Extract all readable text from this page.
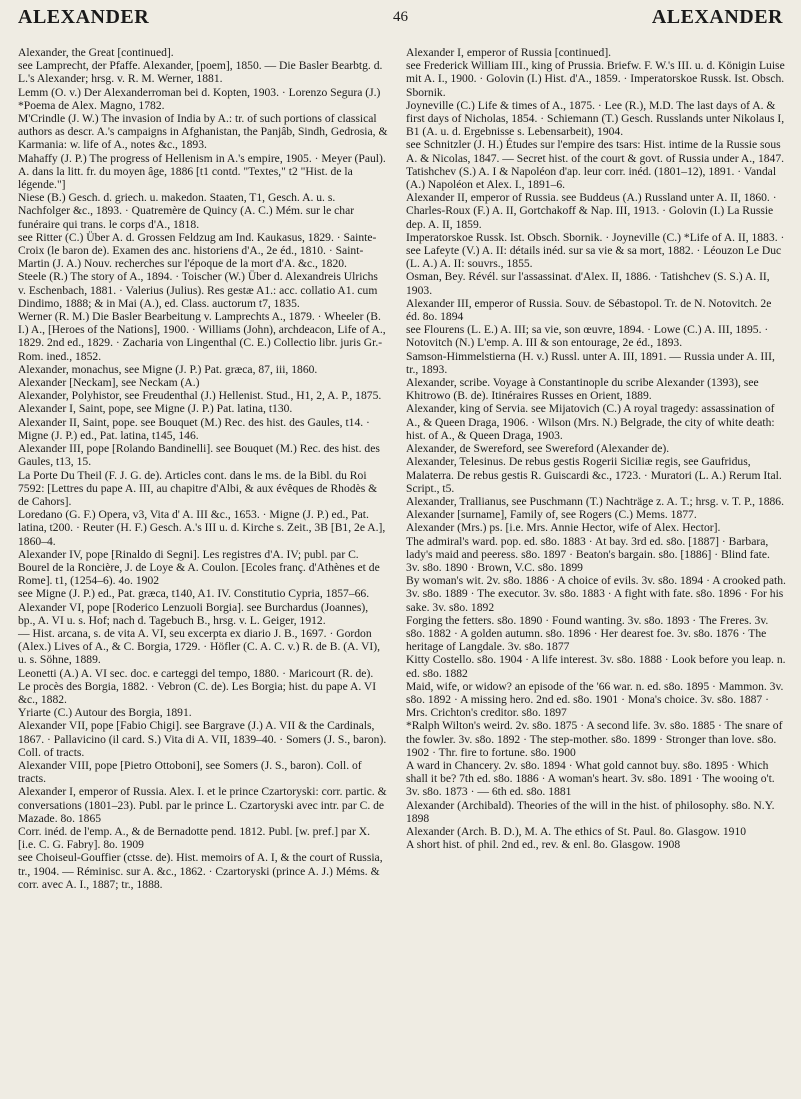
ALEXANDER	46	ALEXANDER

Alexander, the Great [continued].

see Lamprecht, der Pfaffe. Alexander, [poem], 1850. — Die Basler Bearbtg. d. L.'s Alexander; hrsg. v. R. M. Werner, 1881.

Lemm (O. v.) Der Alexanderroman bei d. Kopten, 1903. · Lorenzo Segura (J.) *Poema de Alex. Magno, 1782.

M'Crindle (J. W.) The invasion of India by A.: tr. of such portions of classical authors as descr. A.'s campaigns in Afghanistan, the Panjâb, Sindh, Gedrosia, & Karmania: w. life of A., notes &c., 1893.

Mahaffy (J. P.) The progress of Hellenism in A.'s empire, 1905. · Meyer (Paul). A. dans la litt. fr. du moyen âge, 1886 [t1 contd. "Textes," t2 "Hist. de la légende."]

Niese (B.) Gesch. d. griech. u. makedon. Staaten, T1, Gesch. A. u. s. Nachfolger &c., 1893. · Quatremère de Quincy (A. C.) Mém. sur le char funéraire qui trans. le corps d'A., 1818.

see Ritter (C.) Über A. d. Grossen Feldzug am Ind. Kaukasus, 1829. · Sainte-Croix (le baron de). Examen des anc. historiens d'A., 2e éd., 1810. · Saint-Martin (J. A.) Nouv. recherches sur l'époque de la mort d'A. &c., 1820.

Steele (R.) The story of A., 1894. · Toischer (W.) Über d. Alexandreis Ulrichs v. Eschenbach, 1881. · Valerius (Julius). Res gestæ A1.: acc. collatio A1. cum Dindimo, 1888; & in Mai (A.), ed. Class. auctorum t7, 1835.

Werner (R. M.) Die Basler Bearbeitung v. Lamprechts A., 1879. · Wheeler (B. I.) A., [Heroes of the Nations], 1900. · Williams (John), archdeacon, Life of A., 1829. 2nd ed., 1829. · Zacharia von Lingenthal (C. E.) Collectio libr. juris Gr.-Rom. ined., 1852.

Alexander, monachus, see Migne (J. P.) Pat. græca, 87, iii, 1860.

Alexander [Neckam], see Neckam (A.)

Alexander, Polyhistor, see Freudenthal (J.) Hellenist. Stud., H1, 2, A. P., 1875.

Alexander I, Saint, pope, see Migne (J. P.) Pat. latina, t130.

Alexander II, Saint, pope. see Bouquet (M.) Rec. des hist. des Gaules, t14. · Migne (J. P.) ed., Pat. latina, t145, 146.

Alexander III, pope [Rolando Bandinelli]. see Bouquet (M.) Rec. des hist. des Gaules, t13, 15.

La Porte Du Theil (F. J. G. de). Articles cont. dans le ms. de la Bibl. du Roi 7592: [Lettres du pape A. III, au chapitre d'Albi, & aux évêques de Rhodès & de Cahors].

Loredano (G. F.) Opera, v3, Vita d' A. III &c., 1653. · Migne (J. P.) ed., Pat. latina, t200. · Reuter (H. F.) Gesch. A.'s III u. d. Kirche s. Zeit., 3B [B1, 2e A.], 1860–4.

Alexander IV, pope [Rinaldo di Segni]. Les registres d'A. IV; publ. par C. Bourel de la Roncière, J. de Loye & A. Coulon. [Ecoles franç. d'Athènes et de Rome]. t1, (1254–6). 4o. 1902

see Migne (J. P.) ed., Pat. græca, t140, A1. IV. Constitutio Cypria, 1857–66.

Alexander VI, pope [Roderico Lenzuoli Borgia]. see Burchardus (Joannes), bp., A. VI u. s. Hof; nach d. Tagebuch B., hrsg. v. L. Geiger, 1912.

— Hist. arcana, s. de vita A. VI, seu excerpta ex diario J. B., 1697. · Gordon (Alex.) Lives of A., & C. Borgia, 1729. · Höfler (C. A. C. v.) R. de B. (A. VI), u. s. Söhne, 1889.

Leonetti (A.) A. VI sec. doc. e carteggi del tempo, 1880. · Maricourt (R. de). Le procès des Borgia, 1882. · Vebron (C. de). Les Borgia; hist. du pape A. VI &c., 1882.

Yriarte (C.) Autour des Borgia, 1891.

Alexander VII, pope [Fabio Chigi]. see Bargrave (J.) A. VII & the Cardinals, 1867. · Pallavicino (il card. S.) Vita di A. VII, 1839–40. · Somers (J. S., baron). Coll. of tracts.

Alexander VIII, pope [Pietro Ottoboni], see Somers (J. S., baron). Coll. of tracts.

Alexander I, emperor of Russia. Alex. I. et le prince Czartoryski: corr. partic. & conversations (1801–23). Publ. par le prince L. Czartoryski avec intr. par C. de Mazade. 8o. 1865

Corr. inéd. de l'emp. A., & de Bernadotte pend. 1812. Publ. [w. pref.] par X. [i.e. C. G. Fabry]. 8o. 1909

see Choiseul-Gouffier (ctsse. de). Hist. memoirs of A. I, & the court of Russia, tr., 1904. — Réminisc. sur A. &c., 1862. · Czartoryski (prince A. J.) Méms. & corr. avec A. I., 1887; tr., 1888.

Alexander I, emperor of Russia [continued].

see Frederick William III., king of Prussia. Briefw. F. W.'s III. u. d. Königin Luise mit A. I., 1900. · Golovin (I.) Hist. d'A., 1859. · Imperatorskoe Russk. Ist. Obsch. Sbornik.

Joyneville (C.) Life & times of A., 1875. · Lee (R.), M.D. The last days of A. & first days of Nicholas, 1854. · Schiemann (T.) Gesch. Russlands unter Nikolaus I, B1 (A. u. d. Ergebnisse s. Lebensarbeit), 1904.

see Schnitzler (J. H.) Études sur l'empire des tsars: Hist. intime de la Russie sous A. & Nicolas, 1847. — Secret hist. of the court & govt. of Russia under A., 1847.

Tatishchev (S.) A. I & Napoléon d'ap. leur corr. inéd. (1801–12), 1891. · Vandal (A.) Napoléon et Alex. I., 1891–6.

Alexander II, emperor of Russia. see Buddeus (A.) Russland unter A. II, 1860. · Charles-Roux (F.) A. II, Gortchakoff & Nap. III, 1913. · Golovin (I.) La Russie dep. A. II, 1859.

Imperatorskoe Russk. Ist. Obsch. Sbornik. · Joyneville (C.) *Life of A. II, 1883. · see Lafeyte (V.) A. II: détails inéd. sur sa vie & sa mort, 1882. · Léouzon Le Duc (L. A.) A. II: souvrs., 1855.

Osman, Bey. Révél. sur l'assassinat. d'Alex. II, 1886. · Tatishchev (S. S.) A. II, 1903.

Alexander III, emperor of Russia. Souv. de Sébastopol. Tr. de N. Notovitch. 2e éd. 8o. 1894

see Flourens (L. E.) A. III; sa vie, son œuvre, 1894. · Lowe (C.) A. III, 1895. · Notovitch (N.) L'emp. A. III & son entourage, 2e éd., 1893.

Samson-Himmelstierna (H. v.) Russl. unter A. III, 1891. — Russia under A. III, tr., 1893.

Alexander, scribe. Voyage à Constantinople du scribe Alexander (1393), see Khitrowo (B. de). Itinéraires Russes en Orient, 1889.

Alexander, king of Servia. see Mijatovich (C.) A royal tragedy: assassination of A., & Queen Draga, 1906. · Wilson (Mrs. N.) Belgrade, the city of white death: hist. of A., & Queen Draga, 1903.

Alexander, de Swereford, see Swereford (Alexander de).

Alexander, Telesinus. De rebus gestis Rogerii Siciliæ regis, see Gaufridus, Malaterra. De rebus gestis R. Guiscardi &c., 1723. · Muratori (L. A.) Rerum Ital. Script., t5.

Alexander, Trallianus, see Puschmann (T.) Nachträge z. A. T.; hrsg. v. T. P., 1886.

Alexander [surname], Family of, see Rogers (C.) Mems. 1877.

Alexander (Mrs.) ps. [i.e. Mrs. Annie Hector, wife of Alex. Hector].

The admiral's ward. pop. ed. s8o. 1883 · At bay. 3rd ed. s8o. [1887] · Barbara, lady's maid and peeress. s8o. 1897 · Beaton's bargain. s8o. [1886] · Blind fate. 3v. s8o. 1890 · Brown, V.C. s8o. 1899

By woman's wit. 2v. s8o. 1886 · A choice of evils. 3v. s8o. 1894 · A crooked path. 3v. s8o. 1889 · The executor. 3v. s8o. 1883 · A fight with fate. s8o. 1896 · For his sake. 3v. s8o. 1892

Forging the fetters. s8o. 1890 · Found wanting. 3v. s8o. 1893 · The Freres. 3v. s8o. 1882 · A golden autumn. s8o. 1896 · Her dearest foe. 3v. s8o. 1876 · The heritage of Langdale. 3v. s8o. 1877

Kitty Costello. s8o. 1904 · A life interest. 3v. s8o. 1888 · Look before you leap. n. ed. s8o. 1882

Maid, wife, or widow? an episode of the '66 war. n. ed. s8o. 1895 · Mammon. 3v. s8o. 1892 · A missing hero. 2nd ed. s8o. 1901 · Mona's choice. 3v. s8o. 1887 · Mrs. Crichton's creditor. s8o. 1897

*Ralph Wilton's weird. 2v. s8o. 1875 · A second life. 3v. s8o. 1885 · The snare of the fowler. 3v. s8o. 1892 · The step-mother. s8o. 1899 · Stronger than love. s8o. 1902 · Thr. fire to fortune. s8o. 1900

A ward in Chancery. 2v. s8o. 1894 · What gold cannot buy. s8o. 1895 · Which shall it be? 7th ed. s8o. 1886 · A woman's heart. 3v. s8o. 1891 · The wooing o't. 3v. s8o. 1873 · — 6th ed. s8o. 1881

Alexander (Archibald). Theories of the will in the hist. of philosophy. s8o. N.Y. 1898

Alexander (Arch. B. D.), M. A. The ethics of St. Paul. 8o. Glasgow. 1910

A short hist. of phil. 2nd ed., rev. & enl. 8o. Glasgow. 1908
